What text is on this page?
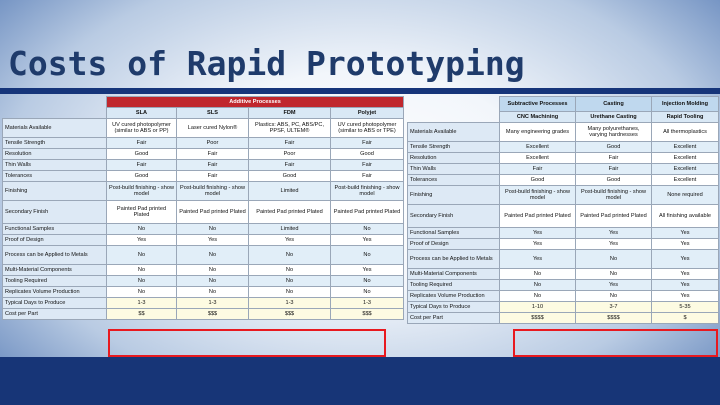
Costs of Rapid Prototyping
	Additive Processes			
	SLA	SLS	FDM	Polyjet
Materials Available	UV cured photopolymer (similar to ABS or PP)	Laser cured Nylon®	Plastics: ABS, PC, ABS/PC, PPSF, ULTEM®	UV cured photopolymer (similar to ABS or TPE)
Tensile Strength	Fair	Poor	Fair	Fair
Resolution	Good	Fair	Poor	Good
Thin Walls	Fair	Fair	Fair	Fair
Tolerances	Good	Fair	Good	Fair
Finishing	Post-build finishing - show model	Post-build finishing - show model	Limited	Post-build finishing - show model
Secondary Finish	Painted Pad printed Plated	Painted Pad printed Plated	Painted Pad printed Plated	Painted Pad printed Plated
Functional Samples	No	No	Limited	No
Proof of Design	Yes	Yes	Yes	Yes
Process can be Applied to Metals	No	No	No	No
Multi-Material Components	No	No	No	Yes
Tooling Required	No	No	No	No
Replicates Volume Production	No	No	No	No
Typical Days to Produce	1-3	1-3	1-3	1-3
Cost per Part	$$	$$$	$$$	$$$
	Subtractive Processes	Casting	Injection Molding
	CNC Machining	Urethane Casting	Rapid Tooling
Materials Available	Many engineering grades	Many polyurethanes, varying hardnesses	All thermoplastics
Tensile Strength	Excellent	Good	Excellent
Resolution	Excellent	Fair	Excellent
Thin Walls	Fair	Fair	Excellent
Tolerances	Good	Good	Excellent
Finishing	Post-build finishing - show model	Post-build finishing - show model	None required
Secondary Finish	Painted Pad printed Plated	Painted Pad printed Plated	All finishing available
Functional Samples	Yes	Yes	Yes
Proof of Design	Yes	Yes	Yes
Process can be Applied to Metals	Yes	No	Yes
Multi-Material Components	No	No	Yes
Tooling Required	No	Yes	Yes
Replicates Volume Production	No	No	Yes
Typical Days to Produce	1-10	3-7	5-35
Cost per Part	$$$$	$$$$	$
